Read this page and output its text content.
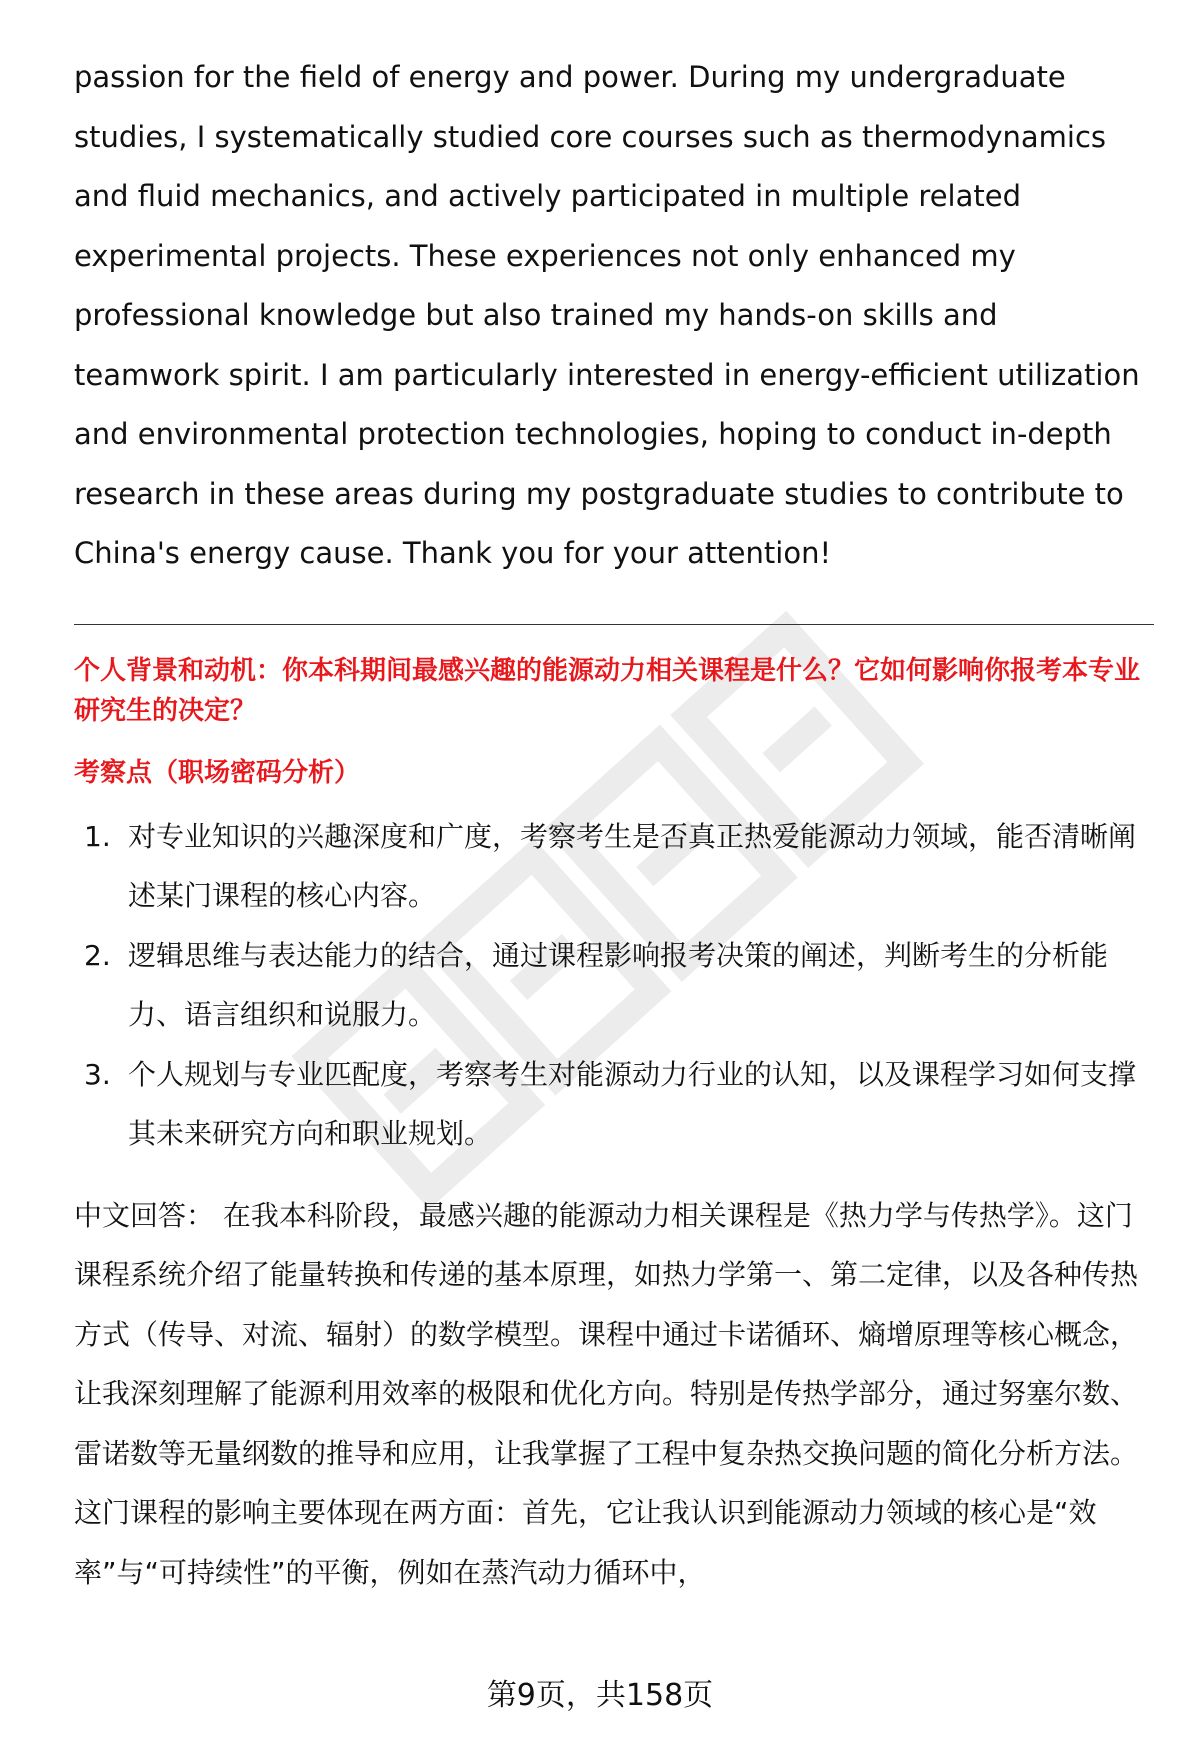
passion for the field of energy and power. During my undergraduate studies, I systematically studied core courses such as thermodynamics and fluid mechanics, and actively participated in multiple related experimental projects. These experiences not only enhanced my professional knowledge but also trained my hands-on skills and teamwork spirit. I am particularly interested in energy-efficient utilization and environmental protection technologies, hoping to conduct in-depth research in these areas during my postgraduate studies to contribute to China's energy cause. Thank you for your attention!

个人背景和动机：你本科期间最感兴趣的能源动力相关课程是什么？它如何影响你报考本专业研究生的决定？
考察点（职场密码分析）
1. 对专业知识的兴趣深度和广度，考察考生是否真正热爱能源动力领域，能否清晰阐述某门课程的核心内容。
2. 逻辑思维与表达能力的结合，通过课程影响报考决策的阐述，判断考生的分析能力、语言组织和说服力。
3. 个人规划与专业匹配度，考察考生对能源动力行业的认知，以及课程学习如何支撑其未来研究方向和职业规划。

中文回答： 在我本科阶段，最感兴趣的能源动力相关课程是《热力学与传热学》。这门课程系统介绍了能量转换和传递的基本原理，如热力学第一、第二定律，以及各种传热方式（传导、对流、辐射）的数学模型。课程中通过卡诺循环、熵增原理等核心概念，让我深刻理解了能源利用效率的极限和优化方向。特别是传热学部分，通过努塞尔数、雷诺数等无量纲数的推导和应用，让我掌握了工程中复杂热交换问题的简化分析方法。这门课程的影响主要体现在两方面：首先，它让我认识到能源动力领域的核心是“效率”与“可持续性”的平衡，例如在蒸汽动力循环中，

第9页，共158页
